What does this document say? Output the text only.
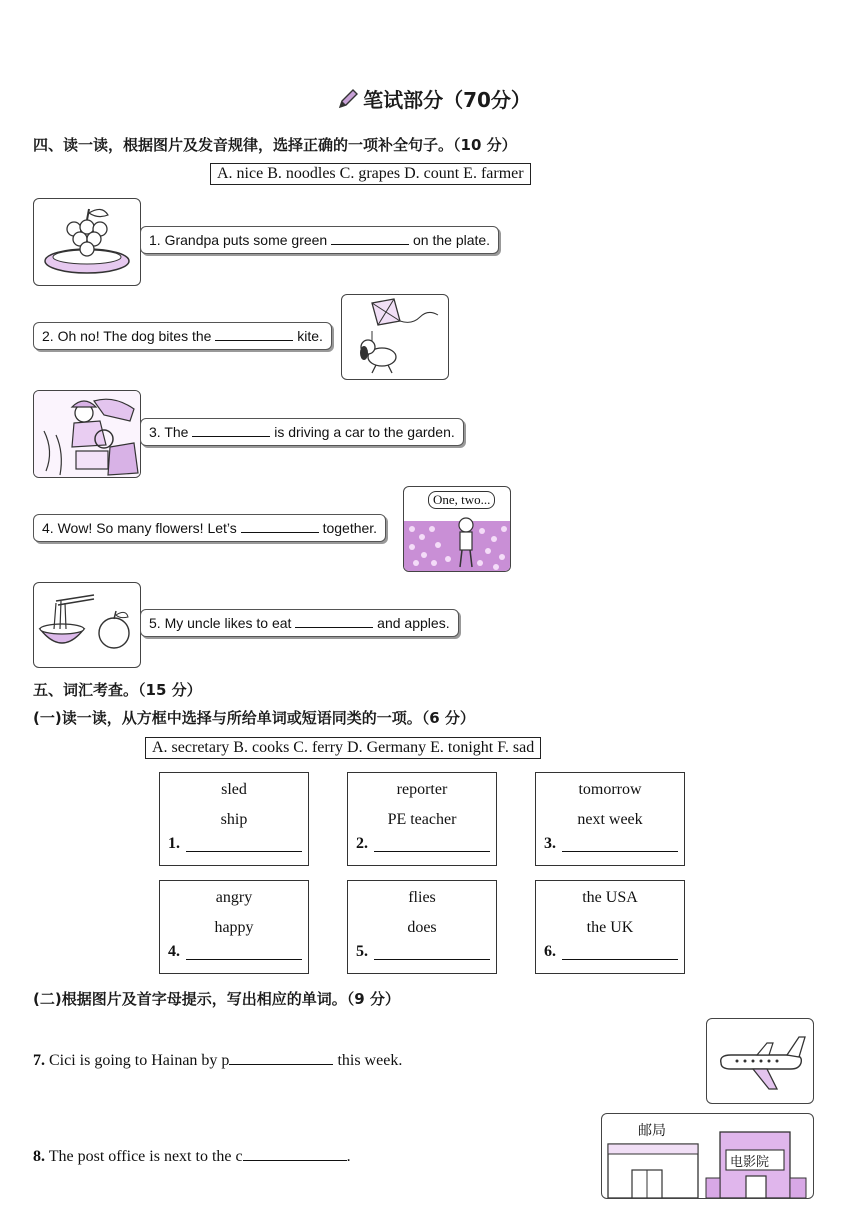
笔试部分（70分）
四、读一读，根据图片及发音规律，选择正确的一项补全句子。（10 分）
A. nice B. noodles C. grapes D. count E. farmer
1. Grandpa puts some green	on the plate.
2. Oh no! The dog bites the	kite.
3. The	is driving a car to the garden.
4. Wow! So many flowers! Let’s	together.
One, two...
5. My uncle likes to eat	and apples.
五、词汇考查。（15 分）
(一)读一读，从方框中选择与所给单词或短语同类的一项。（6 分）
A. secretary B. cooks C. ferry D. Germany E. tonight F. sad
sled
ship
1.
reporter
PE teacher
2.
tomorrow
next week
3.
angry
happy
4.
flies
does
5.
the USA
the UK
6.
(二)根据图片及首字母提示，写出相应的单词。（9 分）
7. Cici is going to Hainan by p	this week.
8. The post office is next to the c	.
邮局
电影院
